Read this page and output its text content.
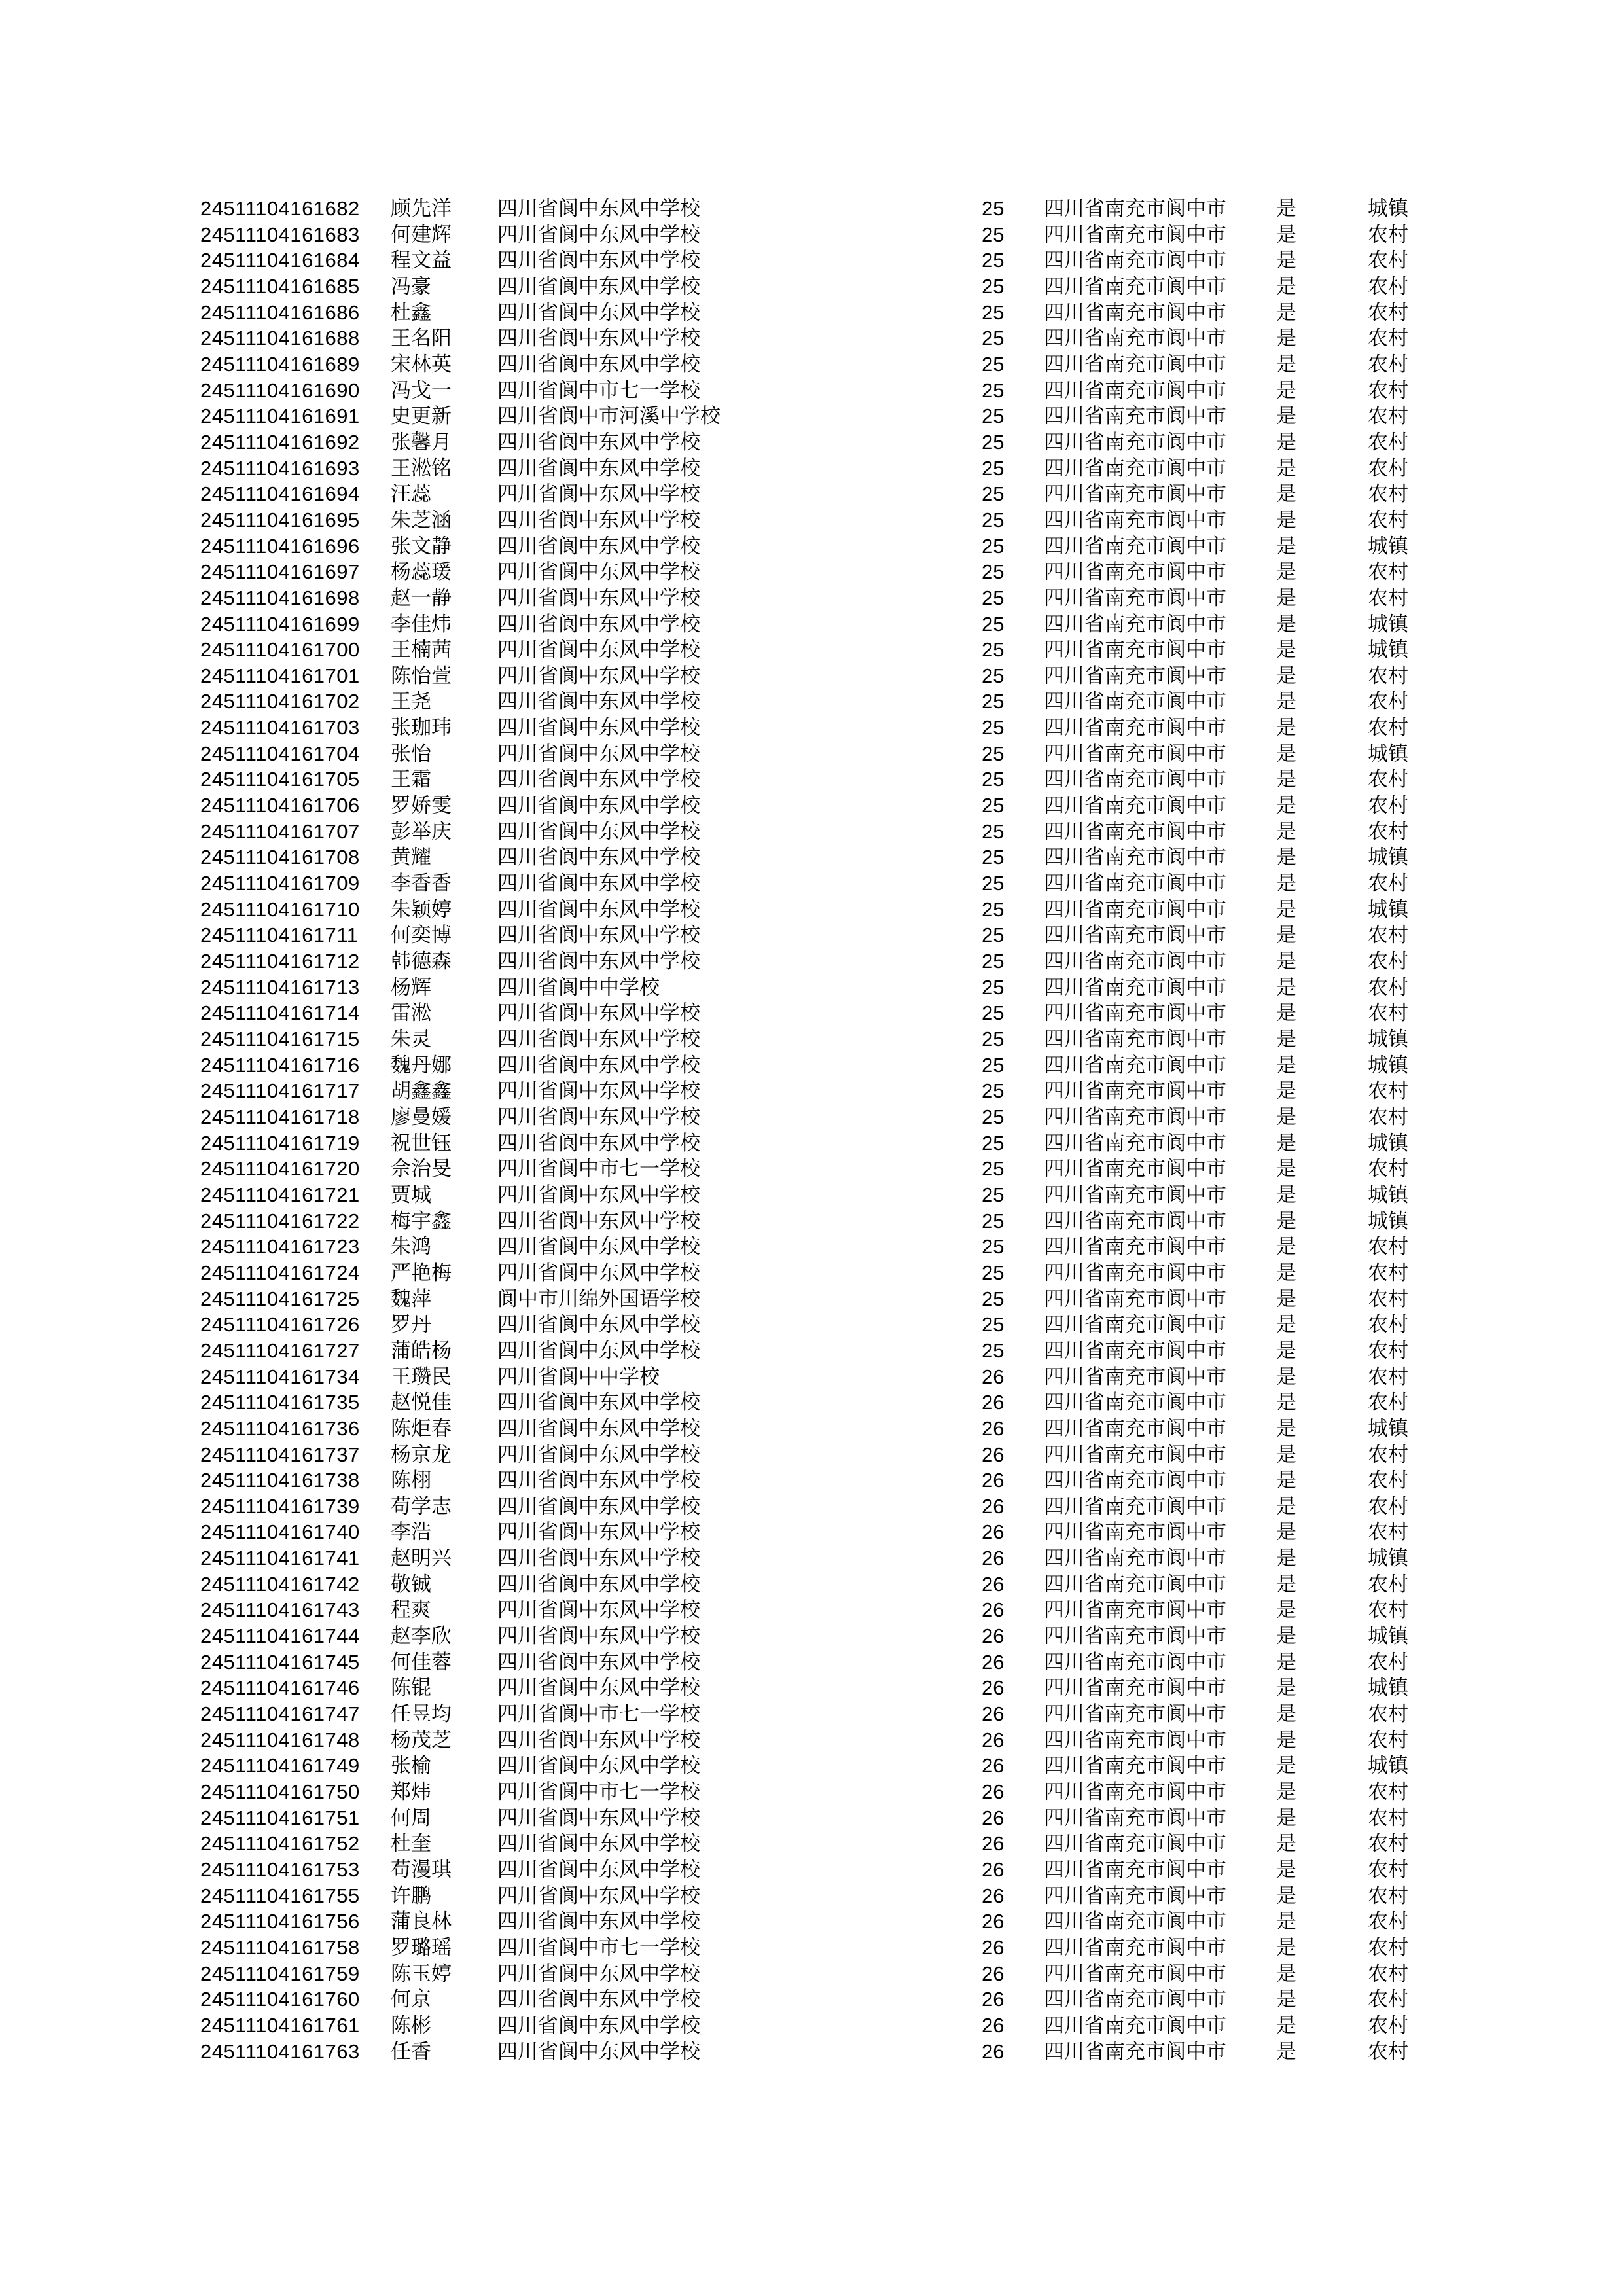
24511104161682	顾先洋	四川省阆中东风中学校	25	四川省南充市阆中市	是	城镇
24511104161683	何建辉	四川省阆中东风中学校	25	四川省南充市阆中市	是	农村
24511104161684	程文益	四川省阆中东风中学校	25	四川省南充市阆中市	是	农村
24511104161685	冯豪	四川省阆中东风中学校	25	四川省南充市阆中市	是	农村
24511104161686	杜鑫	四川省阆中东风中学校	25	四川省南充市阆中市	是	农村
24511104161688	王名阳	四川省阆中东风中学校	25	四川省南充市阆中市	是	农村
24511104161689	宋林英	四川省阆中东风中学校	25	四川省南充市阆中市	是	农村
24511104161690	冯戈一	四川省阆中市七一学校	25	四川省南充市阆中市	是	农村
24511104161691	史更新	四川省阆中市河溪中学校	25	四川省南充市阆中市	是	农村
24511104161692	张馨月	四川省阆中东风中学校	25	四川省南充市阆中市	是	农村
24511104161693	王淞铭	四川省阆中东风中学校	25	四川省南充市阆中市	是	农村
24511104161694	汪蕊	四川省阆中东风中学校	25	四川省南充市阆中市	是	农村
24511104161695	朱芝涵	四川省阆中东风中学校	25	四川省南充市阆中市	是	农村
24511104161696	张文静	四川省阆中东风中学校	25	四川省南充市阆中市	是	城镇
24511104161697	杨蕊瑗	四川省阆中东风中学校	25	四川省南充市阆中市	是	农村
24511104161698	赵一静	四川省阆中东风中学校	25	四川省南充市阆中市	是	农村
24511104161699	李佳炜	四川省阆中东风中学校	25	四川省南充市阆中市	是	城镇
24511104161700	王楠茜	四川省阆中东风中学校	25	四川省南充市阆中市	是	城镇
24511104161701	陈怡萱	四川省阆中东风中学校	25	四川省南充市阆中市	是	农村
24511104161702	王尧	四川省阆中东风中学校	25	四川省南充市阆中市	是	农村
24511104161703	张珈玮	四川省阆中东风中学校	25	四川省南充市阆中市	是	农村
24511104161704	张怡	四川省阆中东风中学校	25	四川省南充市阆中市	是	城镇
24511104161705	王霜	四川省阆中东风中学校	25	四川省南充市阆中市	是	农村
24511104161706	罗娇雯	四川省阆中东风中学校	25	四川省南充市阆中市	是	农村
24511104161707	彭举庆	四川省阆中东风中学校	25	四川省南充市阆中市	是	农村
24511104161708	黄耀	四川省阆中东风中学校	25	四川省南充市阆中市	是	城镇
24511104161709	李香香	四川省阆中东风中学校	25	四川省南充市阆中市	是	农村
24511104161710	朱颖婷	四川省阆中东风中学校	25	四川省南充市阆中市	是	城镇
24511104161711	何奕博	四川省阆中东风中学校	25	四川省南充市阆中市	是	农村
24511104161712	韩德森	四川省阆中东风中学校	25	四川省南充市阆中市	是	农村
24511104161713	杨辉	四川省阆中中学校	25	四川省南充市阆中市	是	农村
24511104161714	雷淞	四川省阆中东风中学校	25	四川省南充市阆中市	是	农村
24511104161715	朱灵	四川省阆中东风中学校	25	四川省南充市阆中市	是	城镇
24511104161716	魏丹娜	四川省阆中东风中学校	25	四川省南充市阆中市	是	城镇
24511104161717	胡鑫鑫	四川省阆中东风中学校	25	四川省南充市阆中市	是	农村
24511104161718	廖曼媛	四川省阆中东风中学校	25	四川省南充市阆中市	是	农村
24511104161719	祝世钰	四川省阆中东风中学校	25	四川省南充市阆中市	是	城镇
24511104161720	佘治旻	四川省阆中市七一学校	25	四川省南充市阆中市	是	农村
24511104161721	贾城	四川省阆中东风中学校	25	四川省南充市阆中市	是	城镇
24511104161722	梅宇鑫	四川省阆中东风中学校	25	四川省南充市阆中市	是	城镇
24511104161723	朱鸿	四川省阆中东风中学校	25	四川省南充市阆中市	是	农村
24511104161724	严艳梅	四川省阆中东风中学校	25	四川省南充市阆中市	是	农村
24511104161725	魏萍	阆中市川绵外国语学校	25	四川省南充市阆中市	是	农村
24511104161726	罗丹	四川省阆中东风中学校	25	四川省南充市阆中市	是	农村
24511104161727	蒲皓杨	四川省阆中东风中学校	25	四川省南充市阆中市	是	农村
24511104161734	王瓒民	四川省阆中中学校	26	四川省南充市阆中市	是	农村
24511104161735	赵悦佳	四川省阆中东风中学校	26	四川省南充市阆中市	是	农村
24511104161736	陈炬春	四川省阆中东风中学校	26	四川省南充市阆中市	是	城镇
24511104161737	杨京龙	四川省阆中东风中学校	26	四川省南充市阆中市	是	农村
24511104161738	陈栩	四川省阆中东风中学校	26	四川省南充市阆中市	是	农村
24511104161739	苟学志	四川省阆中东风中学校	26	四川省南充市阆中市	是	农村
24511104161740	李浩	四川省阆中东风中学校	26	四川省南充市阆中市	是	农村
24511104161741	赵明兴	四川省阆中东风中学校	26	四川省南充市阆中市	是	城镇
24511104161742	敬铖	四川省阆中东风中学校	26	四川省南充市阆中市	是	农村
24511104161743	程爽	四川省阆中东风中学校	26	四川省南充市阆中市	是	农村
24511104161744	赵李欣	四川省阆中东风中学校	26	四川省南充市阆中市	是	城镇
24511104161745	何佳蓉	四川省阆中东风中学校	26	四川省南充市阆中市	是	农村
24511104161746	陈锟	四川省阆中东风中学校	26	四川省南充市阆中市	是	城镇
24511104161747	任昱均	四川省阆中市七一学校	26	四川省南充市阆中市	是	农村
24511104161748	杨茂芝	四川省阆中东风中学校	26	四川省南充市阆中市	是	农村
24511104161749	张榆	四川省阆中东风中学校	26	四川省南充市阆中市	是	城镇
24511104161750	郑炜	四川省阆中市七一学校	26	四川省南充市阆中市	是	农村
24511104161751	何周	四川省阆中东风中学校	26	四川省南充市阆中市	是	农村
24511104161752	杜奎	四川省阆中东风中学校	26	四川省南充市阆中市	是	农村
24511104161753	苟漫琪	四川省阆中东风中学校	26	四川省南充市阆中市	是	农村
24511104161755	许鹏	四川省阆中东风中学校	26	四川省南充市阆中市	是	农村
24511104161756	蒲良林	四川省阆中东风中学校	26	四川省南充市阆中市	是	农村
24511104161758	罗璐瑶	四川省阆中市七一学校	26	四川省南充市阆中市	是	农村
24511104161759	陈玉婷	四川省阆中东风中学校	26	四川省南充市阆中市	是	农村
24511104161760	何京	四川省阆中东风中学校	26	四川省南充市阆中市	是	农村
24511104161761	陈彬	四川省阆中东风中学校	26	四川省南充市阆中市	是	农村
24511104161763	任香	四川省阆中东风中学校	26	四川省南充市阆中市	是	农村
